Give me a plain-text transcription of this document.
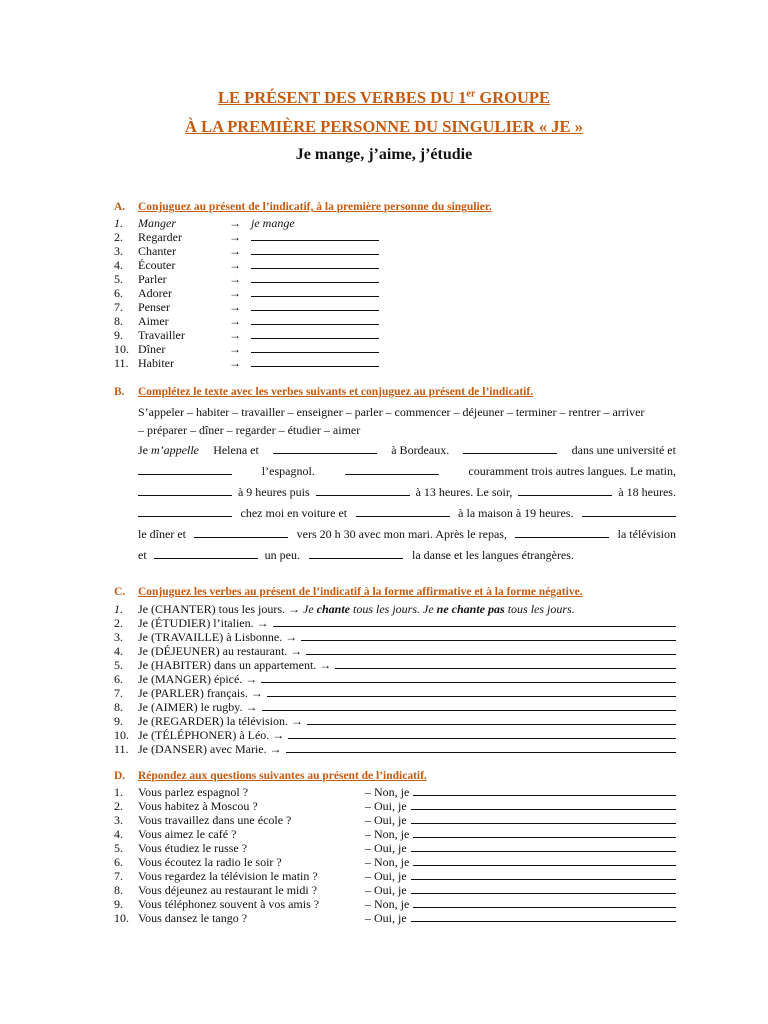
LE PRÉSENT DES VERBES DU 1er GROUPE
À LA PREMIÈRE PERSONNE DU SINGULIER « JE »
Je mange, j’aime, j’étudie
A. Conjuguez au présent de l’indicatif, à la première personne du singulier.
1. Manger	→ je mange
2. Regarder	→
3. Chanter	→
4. Écouter	→
5. Parler	→
6. Adorer	→
7. Penser	→
8. Aimer	→
9. Travailler	→
10. Dîner	→
11. Habiter	→
B. Complétez le texte avec les verbes suivants et conjuguez au présent de l’indicatif.
S’appeler – habiter – travailler – enseigner – parler – commencer – déjeuner – terminer – rentrer – arriver
– préparer – dîner – regarder – étudier – aimer
Je m’appelle Helena et	à Bordeaux.	dans une université et
l’espagnol.	couramment trois autres langues. Le matin,
à 9 heures puis	à 13 heures. Le soir,	à 18 heures.
chez moi en voiture et	à la maison à 19 heures.
le dîner et	vers 20 h 30 avec mon mari. Après le repas,	la télévision
et	un peu.	la danse et les langues étrangères.
C. Conjuguez les verbes au présent de l’indicatif à la forme affirmative et à la forme négative.
1. Je (CHANTER) tous les jours. → Je chante tous les jours. Je ne chante pas tous les jours.
2. Je (ÉTUDIER) l’italien. →
3. Je (TRAVAILLE) à Lisbonne. →
4. Je (DÉJEUNER) au restaurant. →
5. Je (HABITER) dans un appartement. →
6. Je (MANGER) épicé. →
7. Je (PARLER) français. →
8. Je (AIMER) le rugby. →
9. Je (REGARDER) la télévision. →
10. Je (TÉLÉPHONER) à Léo. →
11. Je (DANSER) avec Marie. →
D. Répondez aux questions suivantes au présent de l’indicatif.
1. Vous parlez espagnol ?	– Non, je
2. Vous habitez à Moscou ?	– Oui, je
3. Vous travaillez dans une école ?	– Oui, je
4. Vous aimez le café ?	– Non, je
5. Vous étudiez le russe ?	– Oui, je
6. Vous écoutez la radio le soir ?	– Non, je
7. Vous regardez la télévision le matin ?	– Oui, je
8. Vous déjeunez au restaurant le midi ?	– Oui, je
9. Vous téléphonez souvent à vos amis ?	– Non, je
10. Vous dansez le tango ?	– Oui, je
